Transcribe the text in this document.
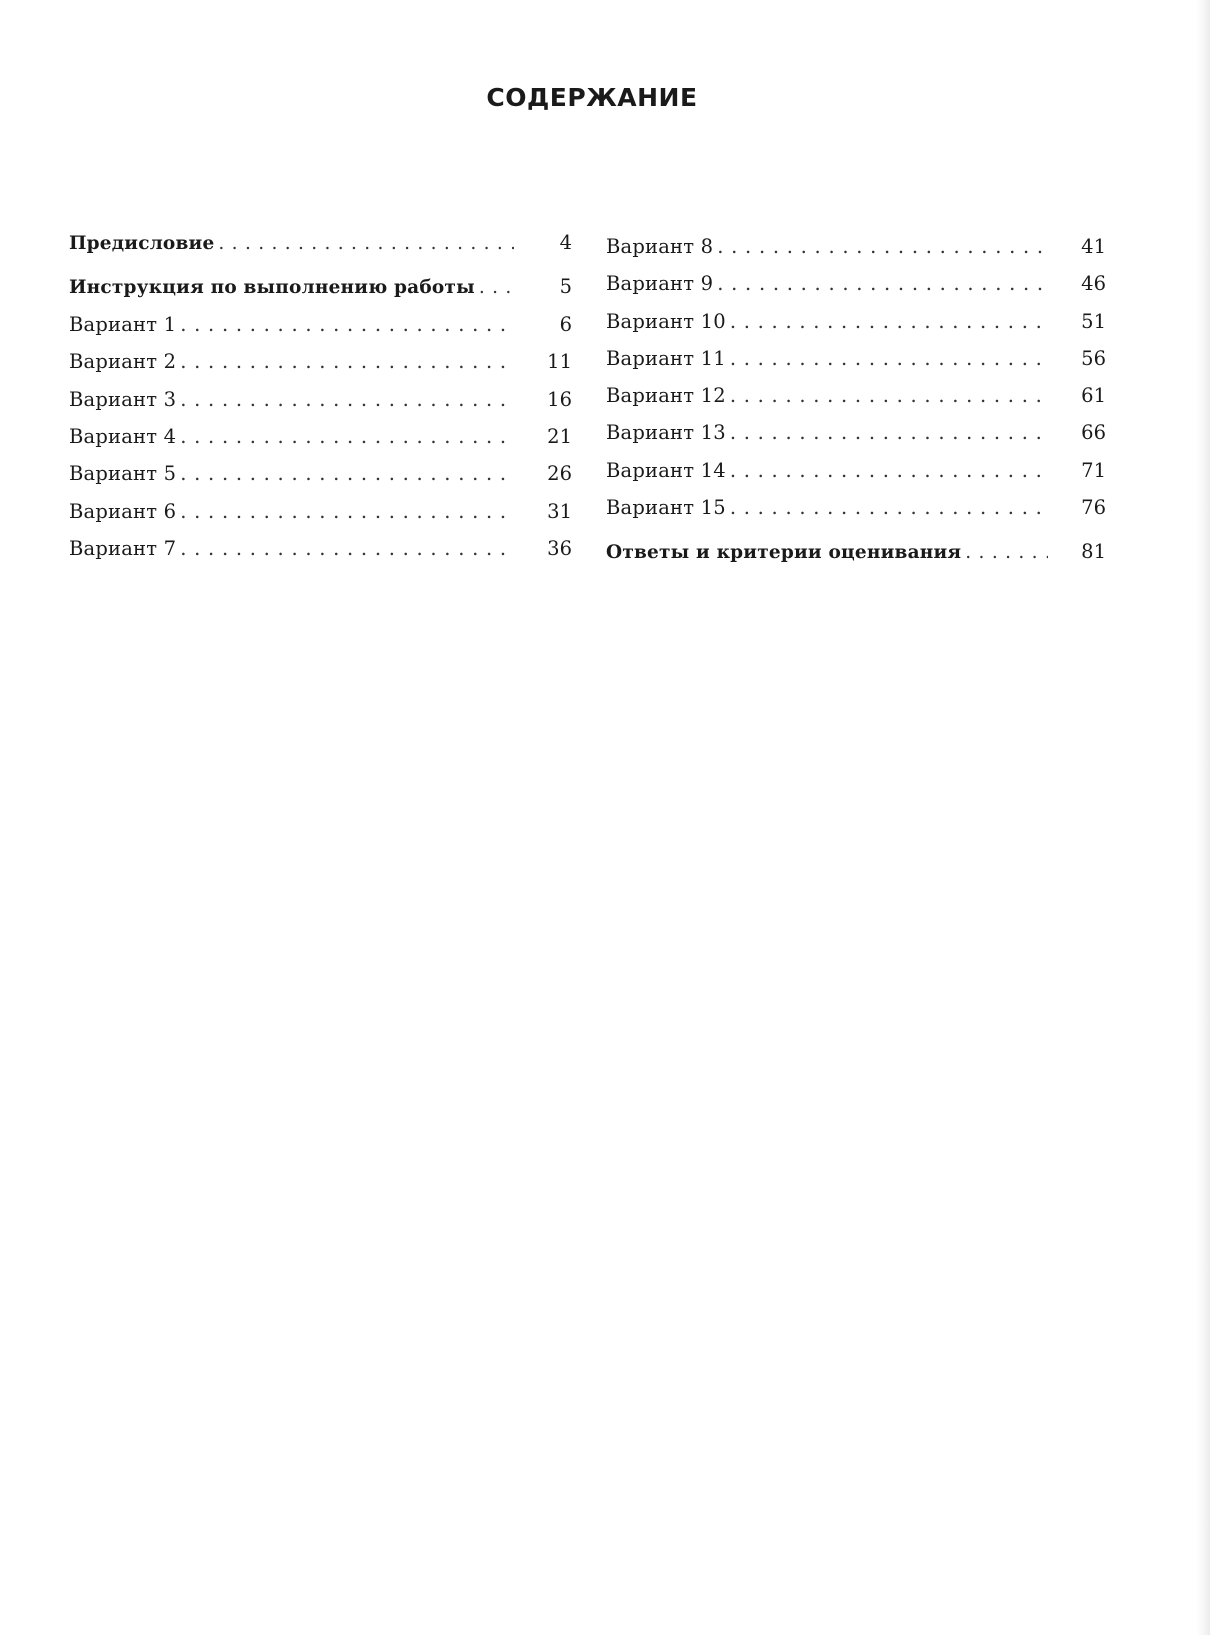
СОДЕРЖАНИЕ
Предисловие . . .	4
Инструкция по выполнению работы . . .	5
Вариант 1 . . .	6
Вариант 2 . . .	11
Вариант 3 . . .	16
Вариант 4 . . .	21
Вариант 5 . . .	26
Вариант 6 . . .	31
Вариант 7 . . .	36
Вариант 8 . . .	41
Вариант 9 . . .	46
Вариант 10 . . .	51
Вариант 11 . . .	56
Вариант 12 . . .	61
Вариант 13 . . .	66
Вариант 14 . . .	71
Вариант 15 . . .	76
Ответы и критерии оценивания . . .	81
